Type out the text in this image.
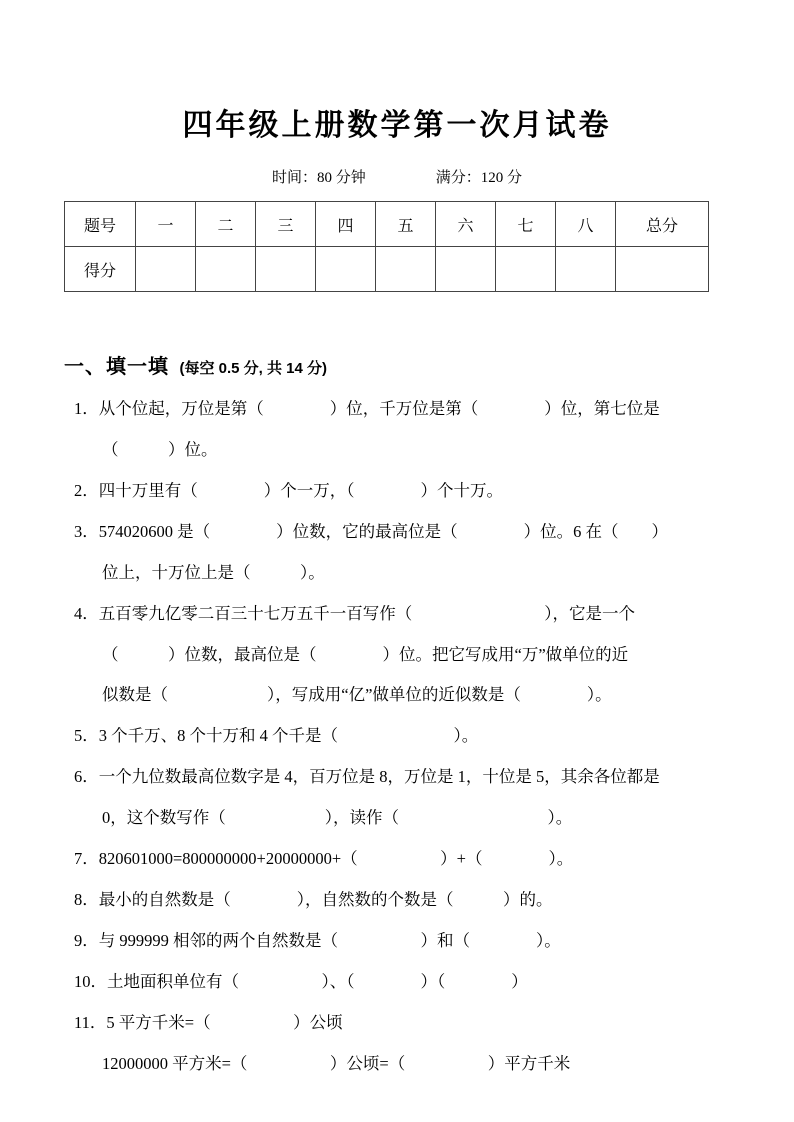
四年级上册数学第一次月试卷
时间：80 分钟	满分：120 分
题号	一	二	三	四	五	六	七	八	总分
得分									
一、填一填 (每空 0.5 分, 共 14 分)
1．从个位起，万位是第（　　　　）位，千万位是第（　　　　）位，第七位是
（　　　）位。
2．四十万里有（　　　　）个一万，（　　　　）个十万。
3．574020600 是（　　　　）位数，它的最高位是（　　　　）位。6 在（　　）
位上，十万位上是（　　　）。
4．五百零九亿零二百三十七万五千一百写作（　　　　　　　　），它是一个
（　　　）位数，最高位是（　　　　）位。把它写成用“万”做单位的近
似数是（　　　　　　），写成用“亿”做单位的近似数是（　　　　）。
5．3 个千万、8 个十万和 4 个千是（　　　　　　　）。
6．一个九位数最高位数字是 4，百万位是 8，万位是 1，十位是 5，其余各位都是
0，这个数写作（　　　　　　），读作（　　　　　　　　　）。
7．820601000=800000000+20000000+（　　　　　）+（　　　　）。
8．最小的自然数是（　　　　），自然数的个数是（　　　）的。
9．与 999999 相邻的两个自然数是（　　　　　）和（　　　　）。
10．土地面积单位有（　　　　　）、（　　　　）（　　　　）
11．5 平方千米=（　　　　　）公顷
12000000 平方米=（　　　　　）公顷=（　　　　　）平方千米
